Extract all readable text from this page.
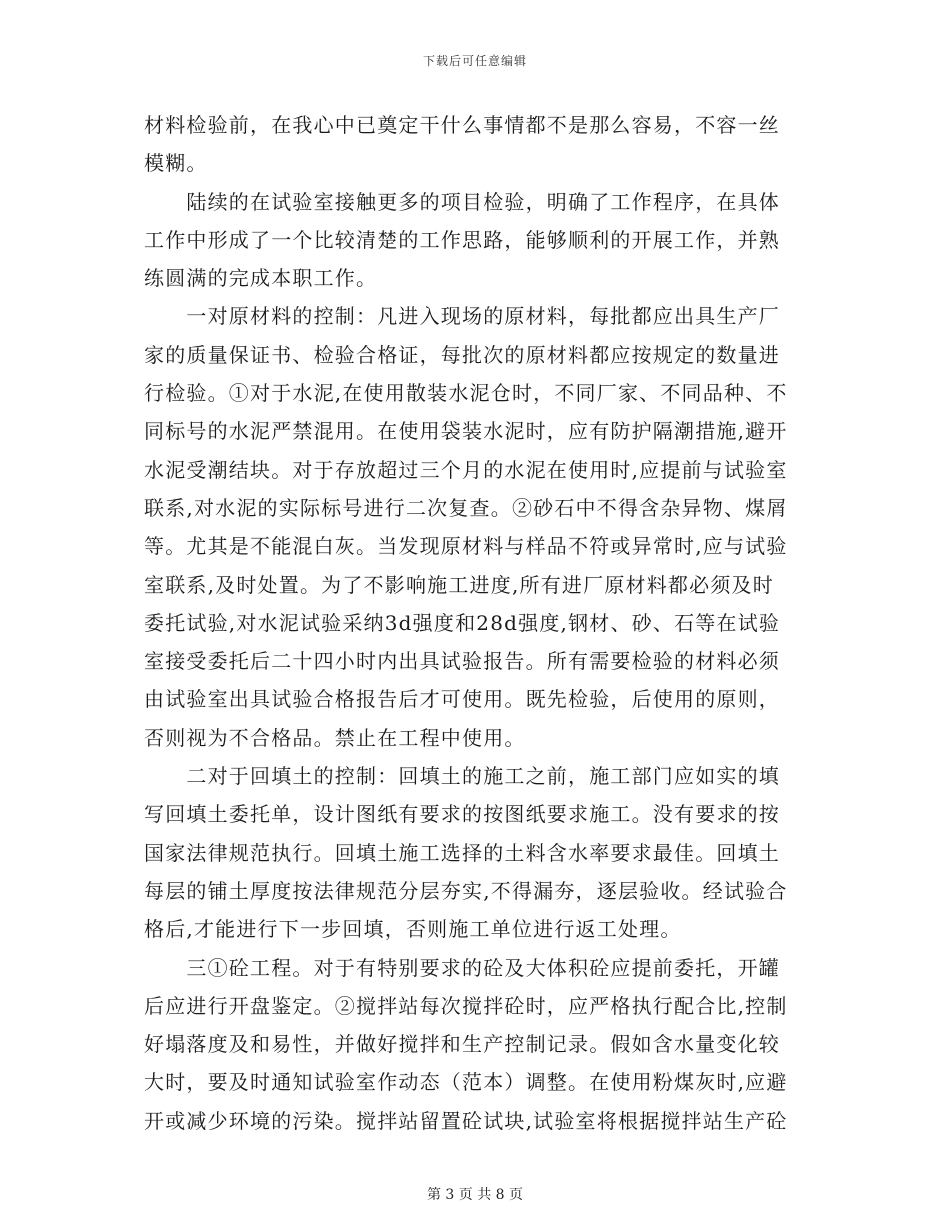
下载后可任意编辑
材料检验前，在我心中已奠定干什么事情都不是那么容易，不容一丝
模糊。
　　陆续的在试验室接触更多的项目检验，明确了工作程序，在具体
工作中形成了一个比较清楚的工作思路，能够顺利的开展工作，并熟
练圆满的完成本职工作。
　　一对原材料的控制：凡进入现场的原材料，每批都应出具生产厂
家的质量保证书、检验合格证，每批次的原材料都应按规定的数量进
行检验。①对于水泥,在使用散装水泥仓时，不同厂家、不同品种、不
同标号的水泥严禁混用。在使用袋装水泥时，应有防护隔潮措施,避开
水泥受潮结块。对于存放超过三个月的水泥在使用时,应提前与试验室
联系,对水泥的实际标号进行二次复查。②砂石中不得含杂异物、煤屑
等。尤其是不能混白灰。当发现原材料与样品不符或异常时,应与试验
室联系,及时处置。为了不影响施工进度,所有进厂原材料都必须及时
委托试验,对水泥试验采纳3d强度和28d强度,钢材、砂、石等在试验
室接受委托后二十四小时内出具试验报告。所有需要检验的材料必须
由试验室出具试验合格报告后才可使用。既先检验，后使用的原则，
否则视为不合格品。禁止在工程中使用。
　　二对于回填土的控制：回填土的施工之前，施工部门应如实的填
写回填土委托单，设计图纸有要求的按图纸要求施工。没有要求的按
国家法律规范执行。回填土施工选择的土料含水率要求最佳。回填土
每层的铺土厚度按法律规范分层夯实,不得漏夯，逐层验收。经试验合
格后,才能进行下一步回填，否则施工单位进行返工处理。
　　三①砼工程。对于有特别要求的砼及大体积砼应提前委托，开罐
后应进行开盘鉴定。②搅拌站每次搅拌砼时，应严格执行配合比,控制
好塌落度及和易性，并做好搅拌和生产控制记录。假如含水量变化较
大时，要及时通知试验室作动态（范本）调整。在使用粉煤灰时,应避
开或减少环境的污染。搅拌站留置砼试块,试验室将根据搅拌站生产砼
第 3 页 共 8 页
